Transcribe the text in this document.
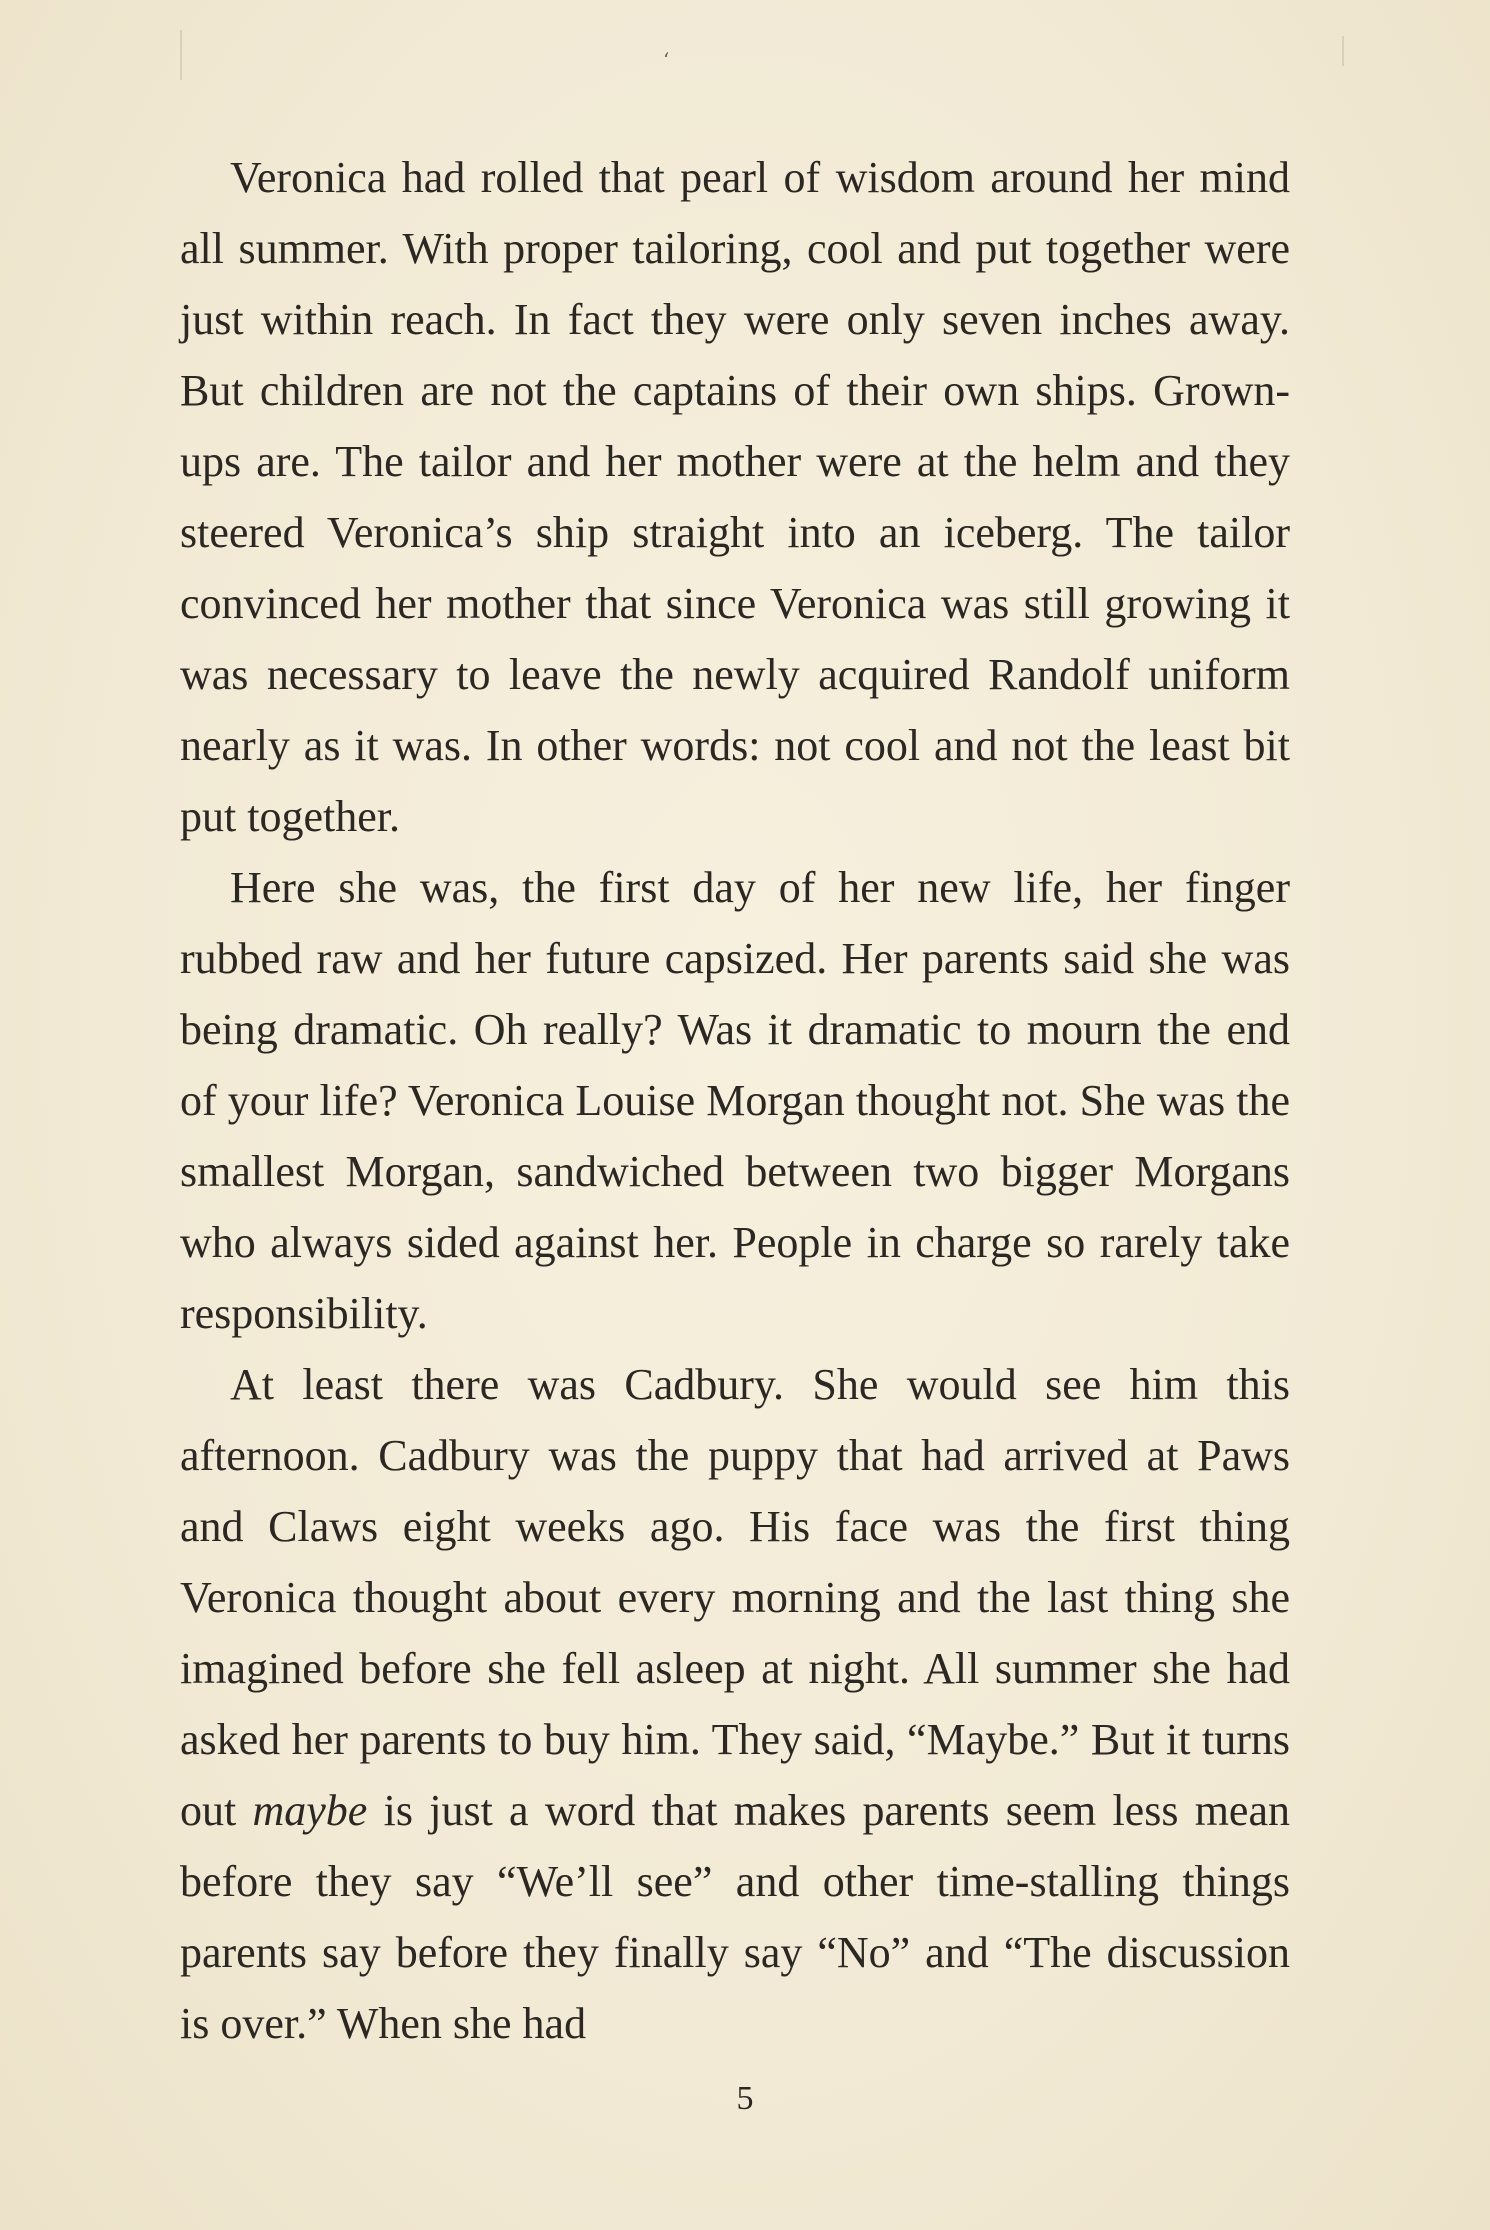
‘

Veronica had rolled that pearl of wisdom around her mind all summer. With proper tailoring, cool and put together were just within reach. In fact they were only seven inches away. But children are not the captains of their own ships. Grown-ups are. The tailor and her mother were at the helm and they steered Veronica’s ship straight into an iceberg. The tailor convinced her mother that since Veronica was still growing it was necessary to leave the newly acquired Randolf uniform nearly as it was. In other words: not cool and not the least bit put together.

Here she was, the first day of her new life, her finger rubbed raw and her future capsized. Her parents said she was being dramatic. Oh really? Was it dramatic to mourn the end of your life? Veronica Louise Morgan thought not. She was the smallest Morgan, sandwiched between two bigger Morgans who always sided against her. People in charge so rarely take responsibility.

At least there was Cadbury. She would see him this afternoon. Cadbury was the puppy that had arrived at Paws and Claws eight weeks ago. His face was the first thing Veronica thought about every morning and the last thing she imagined before she fell asleep at night. All summer she had asked her parents to buy him. They said, “Maybe.” But it turns out maybe is just a word that makes parents seem less mean before they say “We’ll see” and other time-stalling things parents say before they finally say “No” and “The discussion is over.” When she had

5
